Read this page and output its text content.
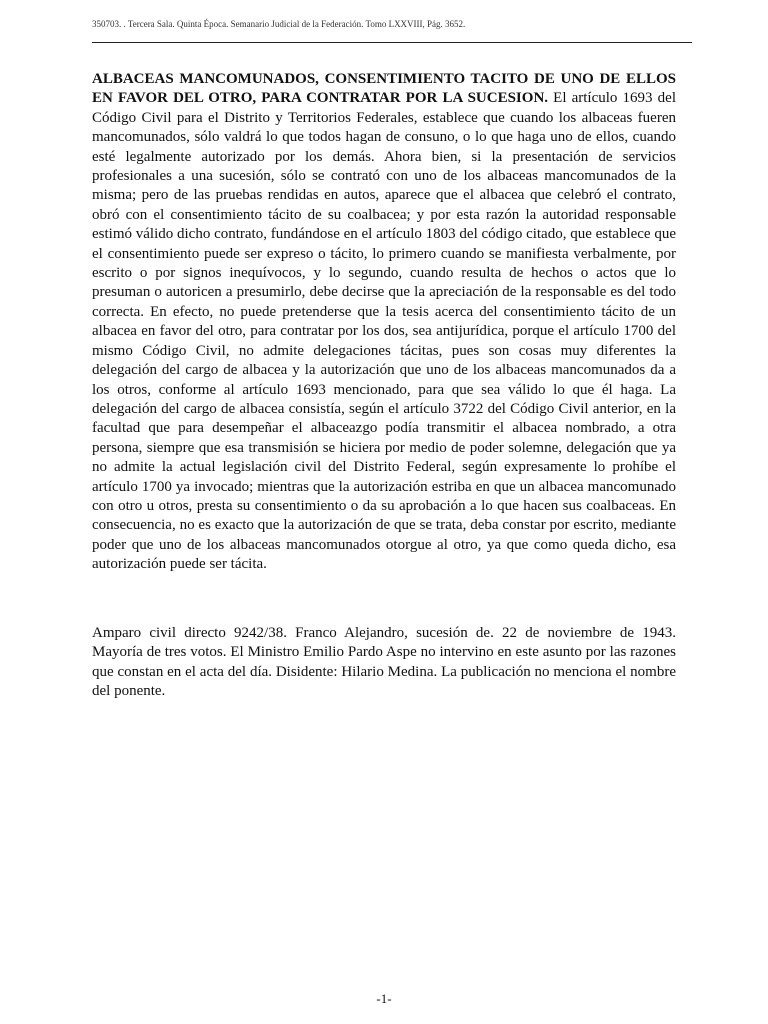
350703. . Tercera Sala. Quinta Época. Semanario Judicial de la Federación. Tomo LXXVIII, Pág. 3652.

ALBACEAS MANCOMUNADOS, CONSENTIMIENTO TACITO DE UNO DE ELLOS EN FAVOR DEL OTRO, PARA CONTRATAR POR LA SUCESION. El artículo 1693 del Código Civil para el Distrito y Territorios Federales, establece que cuando los albaceas fueren mancomunados, sólo valdrá lo que todos hagan de consuno, o lo que haga uno de ellos, cuando esté legalmente autorizado por los demás. Ahora bien, si la presentación de servicios profesionales a una sucesión, sólo se contrató con uno de los albaceas mancomunados de la misma; pero de las pruebas rendidas en autos, aparece que el albacea que celebró el contrato, obró con el consentimiento tácito de su coalbacea; y por esta razón la autoridad responsable estimó válido dicho contrato, fundándose en el artículo 1803 del código citado, que establece que el consentimiento puede ser expreso o tácito, lo primero cuando se manifiesta verbalmente, por escrito o por signos inequívocos, y lo segundo, cuando resulta de hechos o actos que lo presuman o autoricen a presumirlo, debe decirse que la apreciación de la responsable es del todo correcta. En efecto, no puede pretenderse que la tesis acerca del consentimiento tácito de un albacea en favor del otro, para contratar por los dos, sea antijurídica, porque el artículo 1700 del mismo Código Civil, no admite delegaciones tácitas, pues son cosas muy diferentes la delegación del cargo de albacea y la autorización que uno de los albaceas mancomunados da a los otros, conforme al artículo 1693 mencionado, para que sea válido lo que él haga. La delegación del cargo de albacea consistía, según el artículo 3722 del Código Civil anterior, en la facultad que para desempeñar el albaceazgo podía transmitir el albacea nombrado, a otra persona, siempre que esa transmisión se hiciera por medio de poder solemne, delegación que ya no admite la actual legislación civil del Distrito Federal, según expresamente lo prohíbe el artículo 1700 ya invocado; mientras que la autorización estriba en que un albacea mancomunado con otro u otros, presta su consentimiento o da su aprobación a lo que hacen sus coalbaceas. En consecuencia, no es exacto que la autorización de que se trata, deba constar por escrito, mediante poder que uno de los albaceas mancomunados otorgue al otro, ya que como queda dicho, esa autorización puede ser tácita.

Amparo civil directo 9242/38. Franco Alejandro, sucesión de. 22 de noviembre de 1943. Mayoría de tres votos. El Ministro Emilio Pardo Aspe no intervino en este asunto por las razones que constan en el acta del día. Disidente: Hilario Medina. La publicación no menciona el nombre del ponente.

-1-
